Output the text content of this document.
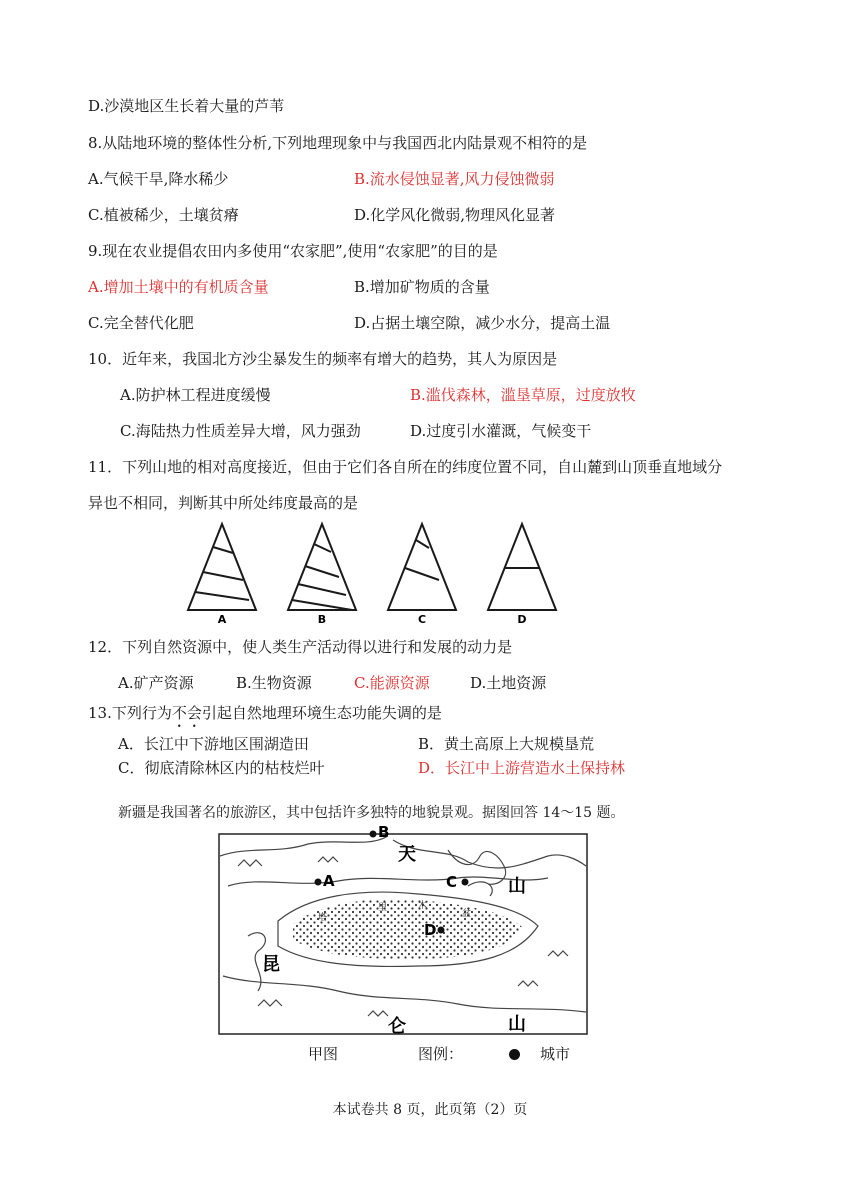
D.沙漠地区生长着大量的芦苇
8.从陆地环境的整体性分析,下列地理现象中与我国西北内陆景观不相符的是
A.气候干旱,降水稀少	B.流水侵蚀显著,风力侵蚀微弱
C.植被稀少，土壤贫瘠	D.化学风化微弱,物理风化显著
9.现在农业提倡农田内多使用“农家肥”,使用“农家肥”的目的是
A.增加土壤中的有机质含量	B.增加矿物质的含量
C.完全替代化肥	D.占据土壤空隙，减少水分，提高土温
10．近年来，我国北方沙尘暴发生的频率有增大的趋势，其人为原因是
A.防护林工程进度缓慢	B.滥伐森林，滥垦草原，过度放牧
C.海陆热力性质差异大增，风力强劲	D.过度引水灌溉，气候变干
11．下列山地的相对高度接近，但由于它们各自所在的纬度位置不同，自山麓到山顶垂直地域分
异也不相同，判断其中所处纬度最高的是
A	B	C	D
12．下列自然资源中，使人类生产活动得以进行和发展的动力是
A.矿产资源	B.生物资源	C.能源资源	D.土地资源
13.下列行为不会引起自然地理环境生态功能失调的是
A．长江中下游地区围湖造田	B．黄土高原上大规模垦荒
C．彻底清除林区内的枯枝烂叶	D．长江中上游营造水土保持林
新疆是我国著名的旅游区，其中包括许多独特的地貌景观。据图回答 14～15 题。
B
A	C
D
天
山
昆
仑	山
塔
里	木
盆
甲图	图例：	城市
本试卷共 8 页，此页第（2）页
